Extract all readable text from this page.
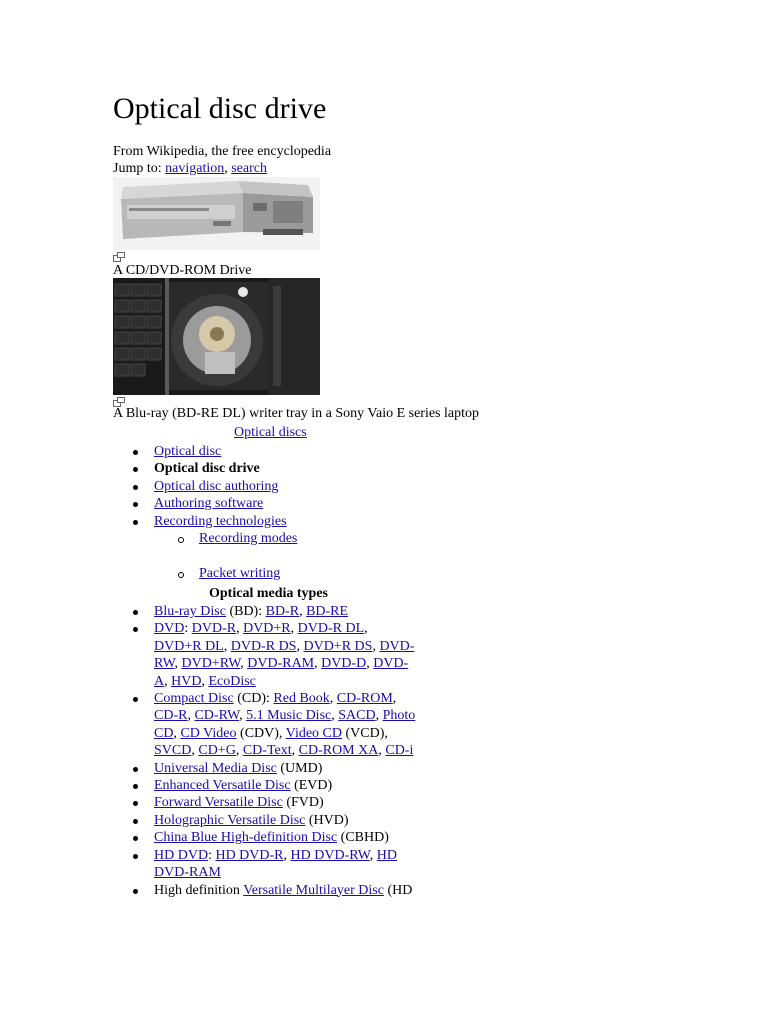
Optical disc drive
From Wikipedia, the free encyclopedia
Jump to: navigation, search
A CD/DVD-ROM Drive
A Blu-ray (BD-RE DL) writer tray in a Sony Vaio E series laptop
Optical discs
Optical disc
Optical disc drive
Optical disc authoring
Authoring software
Recording technologies
Recording modes
Packet writing
Optical media types
Blu-ray Disc (BD): BD-R, BD-RE
DVD: DVD-R, DVD+R, DVD-R DL,
DVD+R DL, DVD-R DS, DVD+R DS, DVD-
RW, DVD+RW, DVD-RAM, DVD-D, DVD-
A, HVD, EcoDisc
Compact Disc (CD): Red Book, CD-ROM,
CD-R, CD-RW, 5.1 Music Disc, SACD, Photo
CD, CD Video (CDV), Video CD (VCD),
SVCD, CD+G, CD-Text, CD-ROM XA, CD-i
Universal Media Disc (UMD)
Enhanced Versatile Disc (EVD)
Forward Versatile Disc (FVD)
Holographic Versatile Disc (HVD)
China Blue High-definition Disc (CBHD)
HD DVD: HD DVD-R, HD DVD-RW, HD
DVD-RAM
High definition Versatile Multilayer Disc (HD
